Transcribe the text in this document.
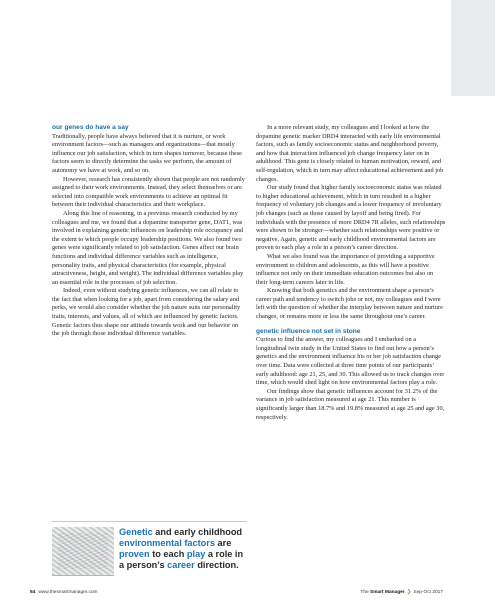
our genes do have a say

Traditionally, people have always believed that it is nurture, or work environment factors—such as managers and organizations—that mostly influence our job satisfaction, which in turn shapes turnover, because these factors seem to directly determine the tasks we perform, the amount of autonomy we have at work, and so on.

However, research has consistently shown that people are not randomly assigned to their work environments. Instead, they select themselves or are selected into compatible work environments to achieve an optimal fit between their individual characteristics and their workplace.

Along this line of reasoning, in a previous research conducted by my colleagues and me, we found that a dopamine transporter gene, DAT1, was involved in explaining genetic influences on leadership role occupancy and the extent to which people occupy leadership positions. We also found two genes were significantly related to job satisfaction. Genes affect our brain functions and individual difference variables such as intelligence, personality traits, and physical characteristics (for example, physical attractiveness, height, and weight). The individual difference variables play an essential role in the processes of job selection.

Indeed, even without studying genetic influences, we can all relate to the fact that when looking for a job, apart from considering the salary and perks, we would also consider whether the job nature suits our personality traits, interests, and values, all of which are influenced by genetic factors. Genetic factors thus shape our attitude towards work and our behavior on the job through those individual difference variables.

In a more relevant study, my colleagues and I looked at how the dopamine genetic marker DRD4 interacted with early life environmental factors, such as family socioeconomic status and neighborhood poverty, and how that interaction influenced job change frequency later on in adulthood. This gene is closely related to human motivation, reward, and self-regulation, which in turn may affect educational achievement and job changes.

Our study found that higher family socioeconomic status was related to higher educational achievement, which in turn resulted in a higher frequency of voluntary job changes and a lower frequency of involuntary job changes (such as those caused by layoff and being fired). For individuals with the presence of more DRD4 7R alleles, such relationships were shown to be stronger—whether such relationships were positive or negative. Again, genetic and early childhood environmental factors are proven to each play a role in a person’s career direction.

What we also found was the importance of providing a supportive environment to children and adolescents, as this will have a positive influence not only on their immediate education outcomes but also on their long-term careers later in life.

Knowing that both genetics and the environment shape a person’s career path and tendency to switch jobs or not, my colleagues and I were left with the question of whether the interplay between nature and nurture changes, or remains more or less the same throughout one’s career.

genetic influence not set in stone

Curious to find the answer, my colleagues and I embarked on a longitudinal twin study in the United States to find out how a person’s genetics and the environment influence his or her job satisfaction change over time. Data were collected at three time points of our participants’ early adulthood: age 21, 25, and 30. This allowed us to track changes over time, which would shed light on how environmental factors play a role.

Our findings show that genetic influences account for 31.2% of the variance in job satisfaction measured at age 21. This number is significantly larger than 18.7% and 19.8% measured at age 25 and age 30, respectively.

Genetic and early childhood environmental factors are proven to each play a role in a person’s career direction.
54 www.thesmartmanager.com	The Smart Manager ❯ Sep-Oct 2017
